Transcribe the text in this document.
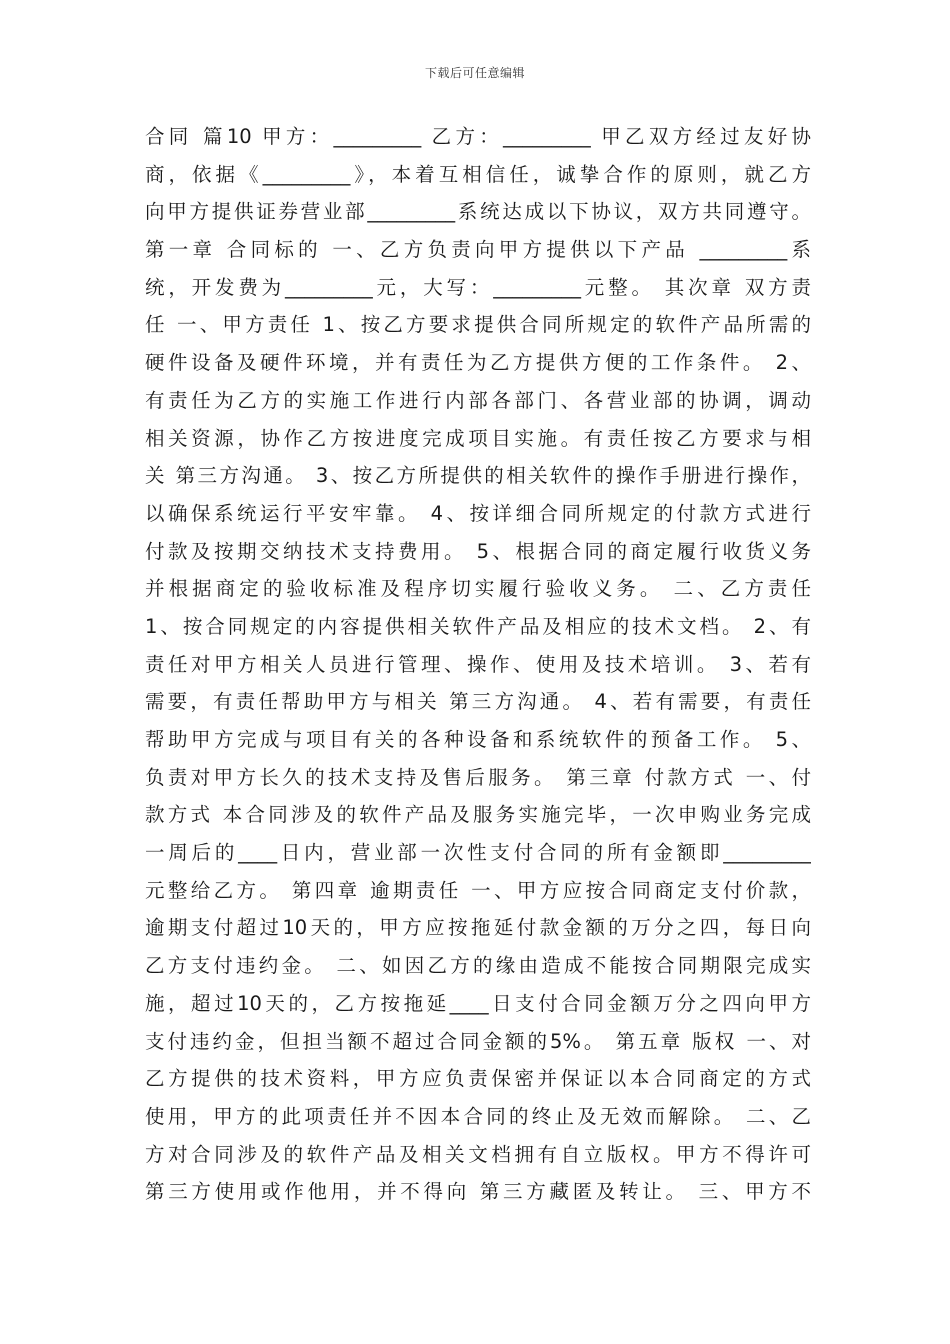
下载后可任意编辑
合同 篇10 甲方：_________ 乙方：_________ 甲乙双方经过友好协
商，依据《_________》，本着互相信任，诚挚合作的原则，就乙方
向甲方提供证券营业部_________系统达成以下协议，双方共同遵守。
第一章 合同标的 一、乙方负责向甲方提供以下产品 _________系
统，开发费为_________元，大写：_________元整。 其次章 双方责
任 一、甲方责任 1、按乙方要求提供合同所规定的软件产品所需的
硬件设备及硬件环境，并有责任为乙方提供方便的工作条件。 2、
有责任为乙方的实施工作进行内部各部门、各营业部的协调，调动
相关资源，协作乙方按进度完成项目实施。有责任按乙方要求与相
关 第三方沟通。 3、按乙方所提供的相关软件的操作手册进行操作，
以确保系统运行平安牢靠。 4、按详细合同所规定的付款方式进行
付款及按期交纳技术支持费用。 5、根据合同的商定履行收货义务
并根据商定的验收标准及程序切实履行验收义务。 二、乙方责任
1、按合同规定的内容提供相关软件产品及相应的技术文档。 2、有
责任对甲方相关人员进行管理、操作、使用及技术培训。 3、若有
需要，有责任帮助甲方与相关 第三方沟通。 4、若有需要，有责任
帮助甲方完成与项目有关的各种设备和系统软件的预备工作。 5、
负责对甲方长久的技术支持及售后服务。 第三章 付款方式 一、付
款方式 本合同涉及的软件产品及服务实施完毕，一次申购业务完成
一周后的____日内，营业部一次性支付合同的所有金额即_________
元整给乙方。 第四章 逾期责任 一、甲方应按合同商定支付价款，
逾期支付超过10天的，甲方应按拖延付款金额的万分之四，每日向
乙方支付违约金。 二、如因乙方的缘由造成不能按合同期限完成实
施，超过10天的，乙方按拖延____日支付合同金额万分之四向甲方
支付违约金，但担当额不超过合同金额的5%。 第五章 版权 一、对
乙方提供的技术资料，甲方应负责保密并保证以本合同商定的方式
使用，甲方的此项责任并不因本合同的终止及无效而解除。 二、乙
方对合同涉及的软件产品及相关文档拥有自立版权。甲方不得许可
第三方使用或作他用，并不得向 第三方藏匿及转让。 三、甲方不
